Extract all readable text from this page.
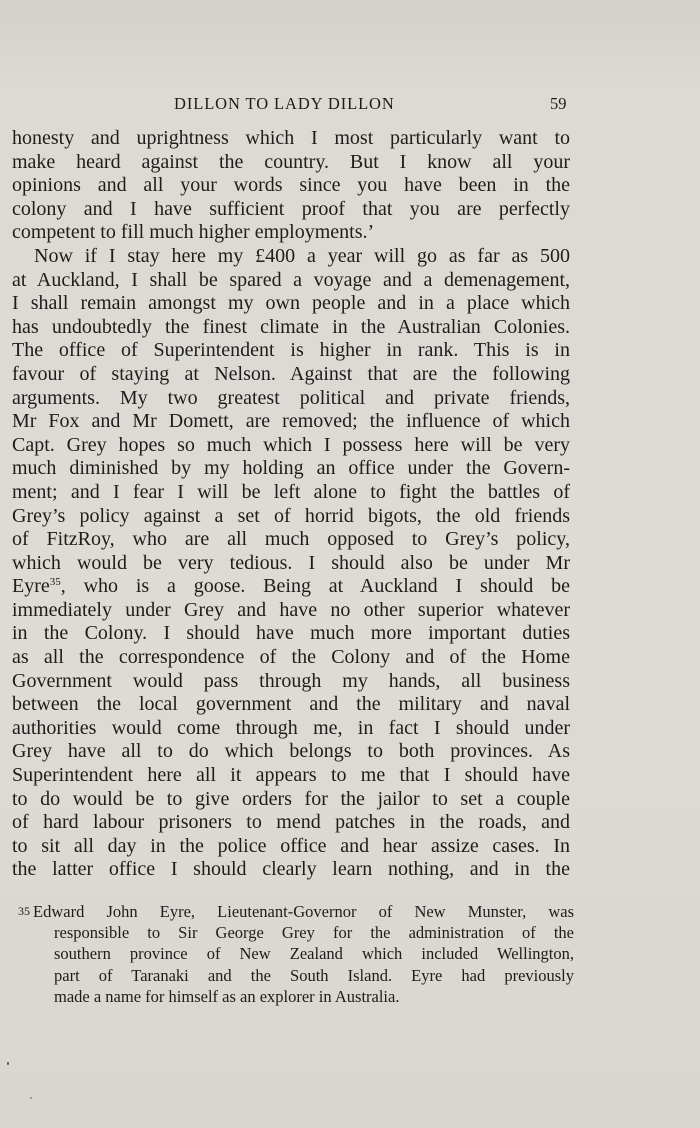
DILLON TO LADY DILLON	59
honesty and uprightness which I most particularly want to
make heard against the country. But I know all your
opinions and all your words since you have been in the
colony and I have sufficient proof that you are perfectly
competent to fill much higher employments.’
Now if I stay here my £400 a year will go as far as 500
at Auckland, I shall be spared a voyage and a demenagement,
I shall remain amongst my own people and in a place which
has undoubtedly the finest climate in the Australian Colonies.
The office of Superintendent is higher in rank. This is in
favour of staying at Nelson. Against that are the following
arguments. My two greatest political and private friends,
Mr Fox and Mr Domett, are removed; the influence of which
Capt. Grey hopes so much which I possess here will be very
much diminished by my holding an office under the Govern-
ment; and I fear I will be left alone to fight the battles of
Grey’s policy against a set of horrid bigots, the old friends
of FitzRoy, who are all much opposed to Grey’s policy,
which would be very tedious. I should also be under Mr
Eyre$^{35}$, who is a goose. Being at Auckland I should be
immediately under Grey and have no other superior whatever
in the Colony. I should have much more important duties
as all the correspondence of the Colony and of the Home
Government would pass through my hands, all business
between the local government and the military and naval
authorities would come through me, in fact I should under
Grey have all to do which belongs to both provinces. As
Superintendent here all it appears to me that I should have
to do would be to give orders for the jailor to set a couple
of hard labour prisoners to mend patches in the roads, and
to sit all day in the police office and hear assize cases. In
the latter office I should clearly learn nothing, and in the
35 Edward John Eyre, Lieutenant-Governor of New Munster, was
responsible to Sir George Grey for the administration of the
southern province of New Zealand which included Wellington,
part of Taranaki and the South Island. Eyre had previously
made a name for himself as an explorer in Australia.
